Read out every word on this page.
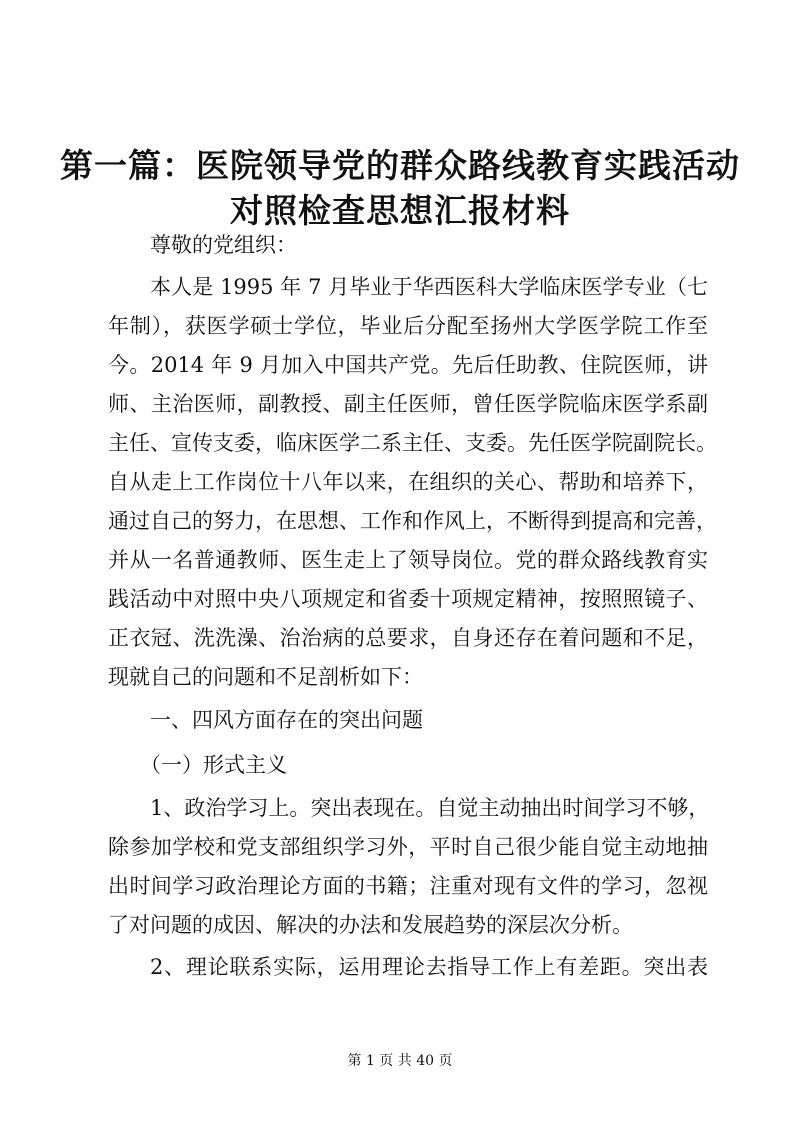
第一篇：医院领导党的群众路线教育实践活动
对照检查思想汇报材料
尊敬的党组织：
本人是 1995 年 7 月毕业于华西医科大学临床医学专业（七
年制），获医学硕士学位，毕业后分配至扬州大学医学院工作至
今。2014 年 9 月加入中国共产党。先后任助教、住院医师，讲
师、主治医师，副教授、副主任医师，曾任医学院临床医学系副
主任、宣传支委，临床医学二系主任、支委。先任医学院副院长。
自从走上工作岗位十八年以来，在组织的关心、帮助和培养下，
通过自己的努力，在思想、工作和作风上，不断得到提高和完善，
并从一名普通教师、医生走上了领导岗位。党的群众路线教育实
践活动中对照中央八项规定和省委十项规定精神，按照照镜子、
正衣冠、洗洗澡、治治病的总要求，自身还存在着问题和不足，
现就自己的问题和不足剖析如下：
一、四风方面存在的突出问题
（一）形式主义
1、政治学习上。突出表现在。自觉主动抽出时间学习不够，
除参加学校和党支部组织学习外，平时自己很少能自觉主动地抽
出时间学习政治理论方面的书籍；注重对现有文件的学习，忽视
了对问题的成因、解决的办法和发展趋势的深层次分析。
2、理论联系实际，运用理论去指导工作上有差距。突出表
第 1 页 共 40 页
